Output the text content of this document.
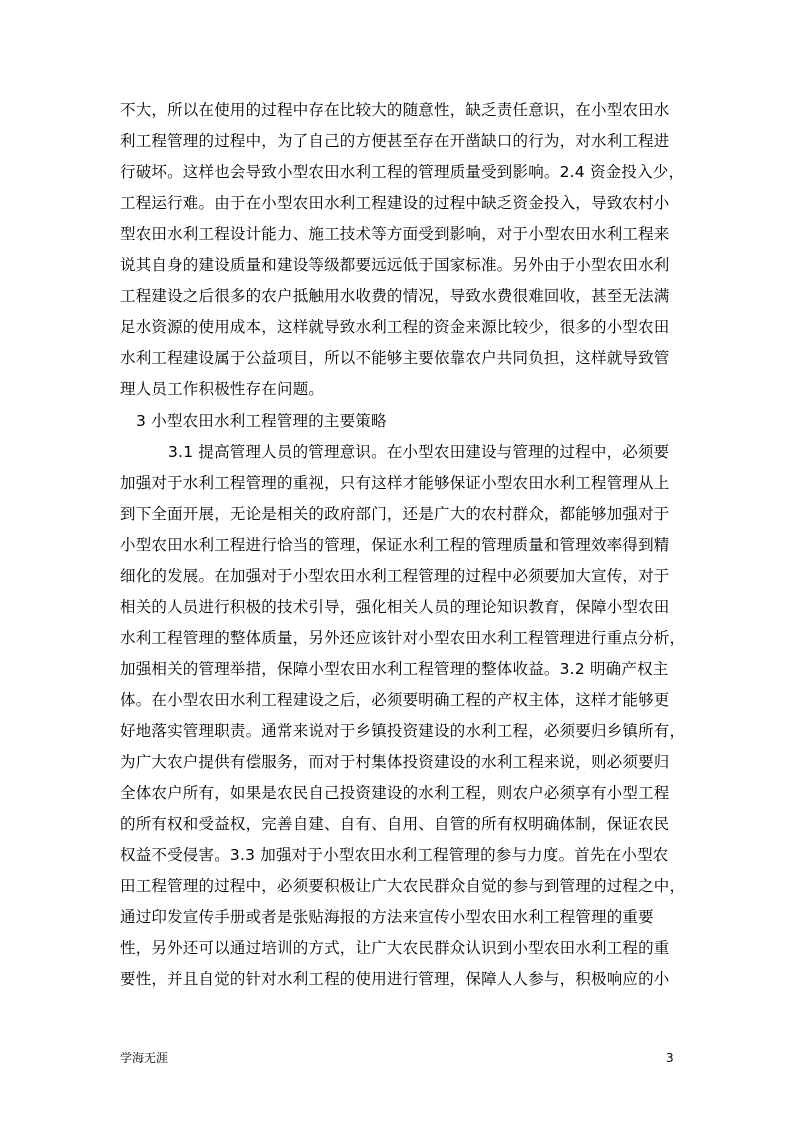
不大，所以在使用的过程中存在比较大的随意性，缺乏责任意识，在小型农田水
利工程管理的过程中，为了自己的方便甚至存在开凿缺口的行为，对水利工程进
行破坏。这样也会导致小型农田水利工程的管理质量受到影响。2.4 资金投入少，
工程运行难。由于在小型农田水利工程建设的过程中缺乏资金投入，导致农村小
型农田水利工程设计能力、施工技术等方面受到影响，对于小型农田水利工程来
说其自身的建设质量和建设等级都要远远低于国家标准。另外由于小型农田水利
工程建设之后很多的农户抵触用水收费的情况，导致水费很难回收，甚至无法满
足水资源的使用成本，这样就导致水利工程的资金来源比较少，很多的小型农田
水利工程建设属于公益项目，所以不能够主要依靠农户共同负担，这样就导致管
理人员工作积极性存在问题。
3 小型农田水利工程管理的主要策略
3.1 提高管理人员的管理意识。在小型农田建设与管理的过程中，必须要
加强对于水利工程管理的重视，只有这样才能够保证小型农田水利工程管理从上
到下全面开展，无论是相关的政府部门，还是广大的农村群众，都能够加强对于
小型农田水利工程进行恰当的管理，保证水利工程的管理质量和管理效率得到精
细化的发展。在加强对于小型农田水利工程管理的过程中必须要加大宣传，对于
相关的人员进行积极的技术引导，强化相关人员的理论知识教育，保障小型农田
水利工程管理的整体质量，另外还应该针对小型农田水利工程管理进行重点分析，
加强相关的管理举措，保障小型农田水利工程管理的整体收益。3.2 明确产权主
体。在小型农田水利工程建设之后，必须要明确工程的产权主体，这样才能够更
好地落实管理职责。通常来说对于乡镇投资建设的水利工程，必须要归乡镇所有，
为广大农户提供有偿服务，而对于村集体投资建设的水利工程来说，则必须要归
全体农户所有，如果是农民自己投资建设的水利工程，则农户必须享有小型工程
的所有权和受益权，完善自建、自有、自用、自管的所有权明确体制，保证农民
权益不受侵害。3.3 加强对于小型农田水利工程管理的参与力度。首先在小型农
田工程管理的过程中，必须要积极让广大农民群众自觉的参与到管理的过程之中，
通过印发宣传手册或者是张贴海报的方法来宣传小型农田水利工程管理的重要
性，另外还可以通过培训的方式，让广大农民群众认识到小型农田水利工程的重
要性，并且自觉的针对水利工程的使用进行管理，保障人人参与，积极响应的小
学海无涯	3
